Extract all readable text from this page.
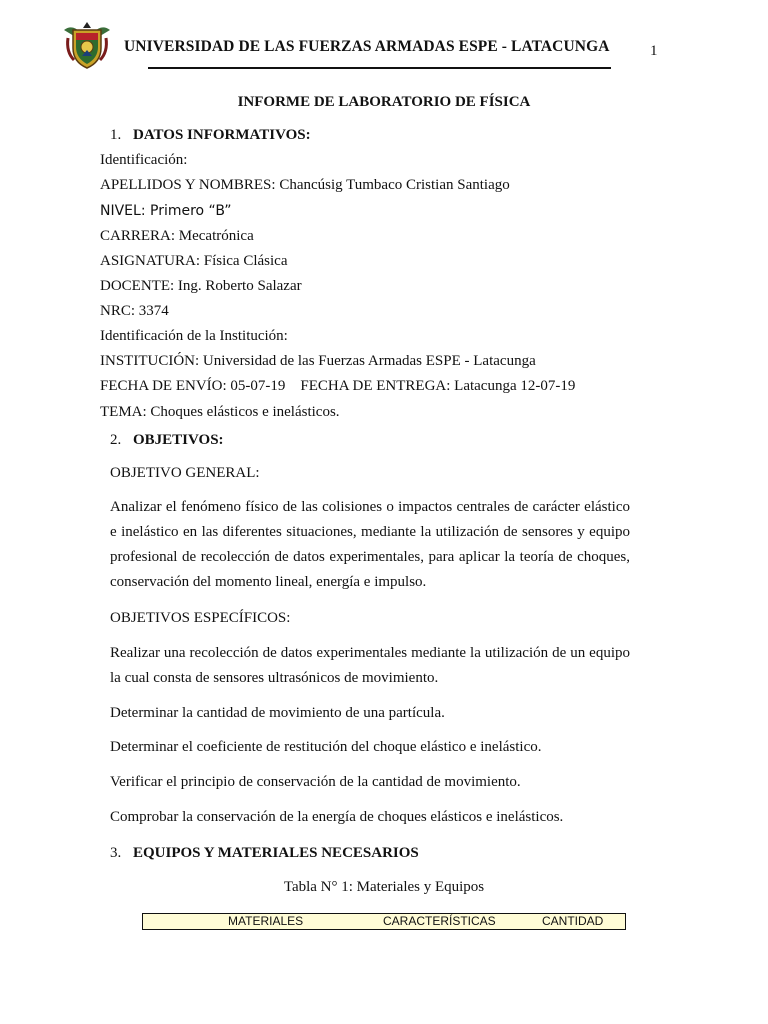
UNIVERSIDAD DE LAS FUERZAS ARMADAS ESPE - LATACUNGA	1
INFORME DE LABORATORIO DE FÍSICA
1. DATOS INFORMATIVOS:
Identificación:
APELLIDOS Y NOMBRES: Chancúsig Tumbaco Cristian Santiago
NIVEL: Primero “B”
CARRERA: Mecatrónica
ASIGNATURA: Física Clásica
DOCENTE: Ing. Roberto Salazar
NRC: 3374
Identificación de la Institución:
INSTITUCIÓN: Universidad de las Fuerzas Armadas ESPE - Latacunga
FECHA DE ENVÍO: 05-07-19    FECHA DE ENTREGA: Latacunga 12-07-19
TEMA: Choques elásticos e inelásticos.
2. OBJETIVOS:
OBJETIVO GENERAL:
Analizar el fenómeno físico de las colisiones o impactos centrales de carácter elástico e inelástico en las diferentes situaciones, mediante la utilización de sensores y equipo profesional de recolección de datos experimentales, para aplicar la teoría de choques, conservación del momento lineal, energía e impulso.
OBJETIVOS ESPECÍFICOS:
Realizar una recolección de datos experimentales mediante la utilización de un equipo la cual consta de sensores ultrasónicos de movimiento.
Determinar la cantidad de movimiento de una partícula.
Determinar el coeficiente de restitución del choque elástico e inelástico.
Verificar el principio de conservación de la cantidad de movimiento.
Comprobar la conservación de la energía de choques elásticos e inelásticos.
3. EQUIPOS Y MATERIALES NECESARIOS
Tabla N° 1: Materiales y Equipos
MATERIALES	CARACTERÍSTICAS	CANTIDAD
